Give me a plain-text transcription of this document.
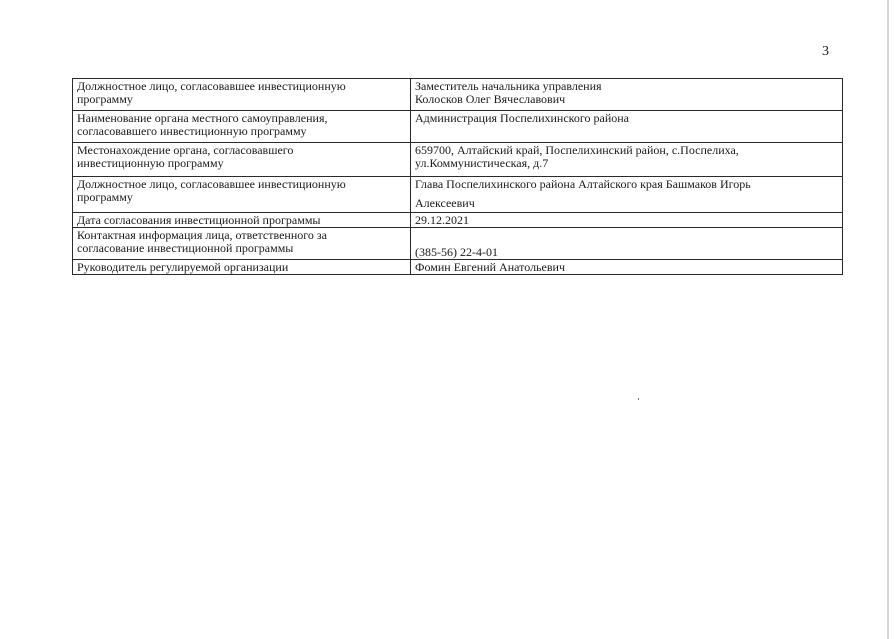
3
Должностное лицо, согласовавшее инвестиционную
программу	Заместитель начальника управления
Колосков Олег Вячеславович

Наименование органа местного самоуправления,
согласовавшего инвестиционную программу	Администрация Поспелихинского района

Местонахождение органа, согласовавшего
инвестиционную программу	659700, Алтайский край, Поспелихинский район, с.Поспелиха,
ул.Коммунистическая, д.7

Должностное лицо, согласовавшее инвестиционную
программу	Глава Поспелихинского района Алтайского края Башмаков Игорь
Алексеевич

Дата согласования инвестиционной программы	29.12.2021

Контактная информация лица, ответственного за
согласование инвестиционной программы	(385-56) 22-4-01

Руководитель регулируемой организации	Фомин Евгений Анатольевич
